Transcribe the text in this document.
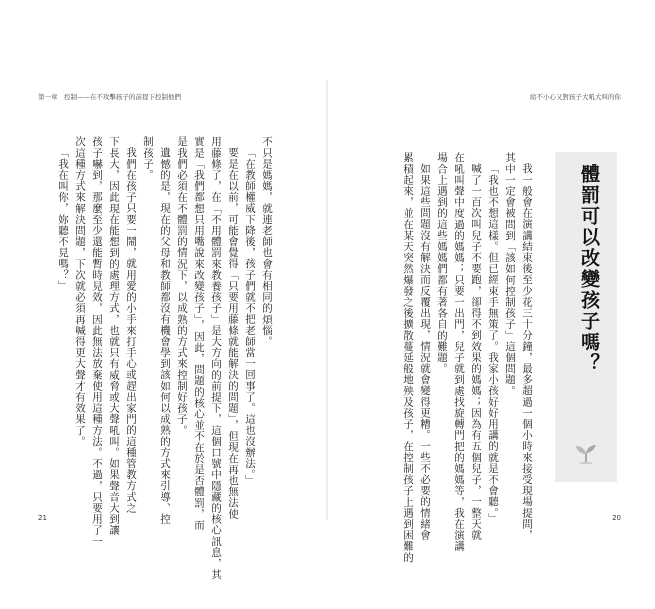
第一章　控制——在不攻擊孩子的前提下控制他們

不只是媽媽，就連老師也會有相同的煩惱。

「在教師權威下降後，孩子們就不把老師當一回事了。這也沒辦法。」

要是在以前，可能會覺得「只要用藤條就能解決的問題」，但現在再也無法使

用藤條了，在「不用體罰來教養孩子」是大方向的前提下，這個口號中隱藏的核心訊息，其

實是「我們都想只用嘴說來改變孩子」，因此，問題的核心並不在於是否體罰，而

是我們必須在不體罰的情況下，以成熟的方式來控制好孩子。

遺憾的是，現在的父母和教師都沒有機會學到該如何以成熟的方式來引導、控

制孩子。

我們在孩子只要一鬧，就用愛的小手來打手心或趕出家門的這種管教方式之

下長大，因此現在能想到的處理方式，也就只有威脅或大聲吼叫。如果聲音大到讓

孩子嚇到，那麼至少還能暫時見效，因此無法放棄使用這種方法。不過，只要用了一

次這種方式來解決問題，下次就必須再喊得更大聲才有效果了。

「我在叫你，妳聽不見嗎？」

21
給不小心又對孩子大吼大叫的你
體罰可以改變孩子嗎？

我一般會在演講結束後至少花三十分鐘，最多超過一個小時來接受現場提問，

其中一定會被問到「該如何控制孩子」這個問題。

「我也不想這樣。但已經束手無策了。我家小孩好好用講的就是不會聽。」

喊了一百次叫兒子不要跑，卻得不到效果的媽媽；因為有五個兒子，一整天就

在吼叫聲中度過的媽媽；只要一出門，兒子就到處找旋轉門把的媽媽等，我在演講

場合上遇到的這些媽媽們都有著各自的難題。

如果這些問題沒有解決而反覆出現，情況就會變得更糟。一些不必要的情緒會

累積起來，並在某天突然爆發之後擴散蔓延般地殃及孩子，在控制孩子上遇到困難的	20
